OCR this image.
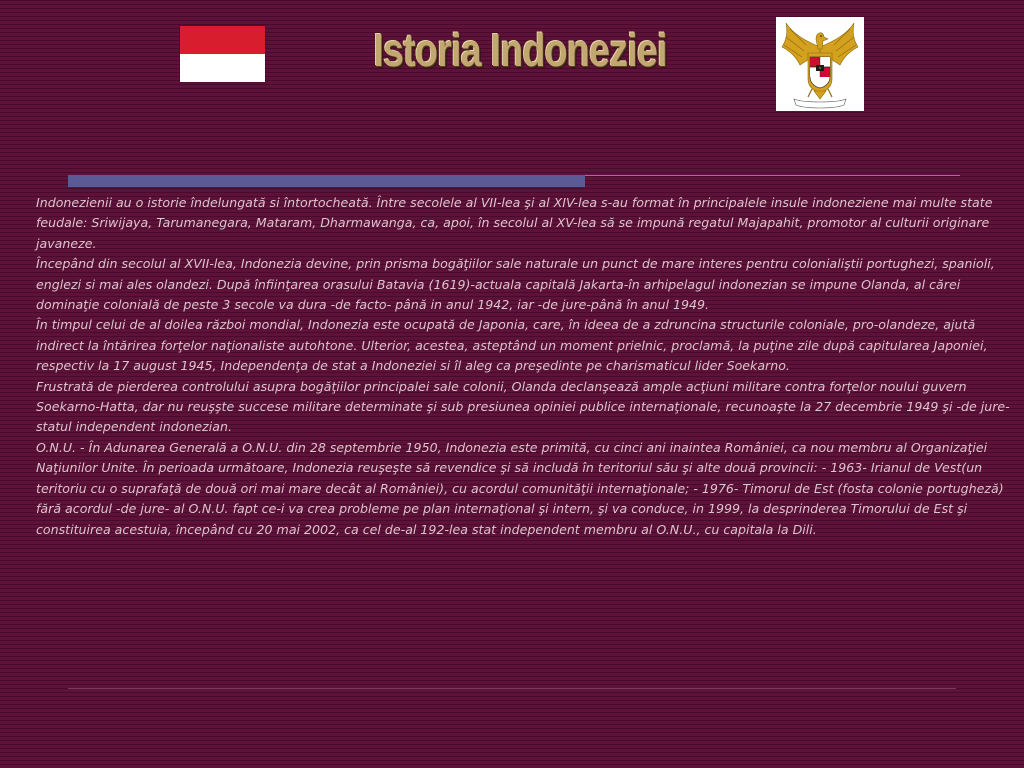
Istoria Indoneziei

Indonezienii au o istorie îndelungată si întortocheată. Între secolele al VII-lea şi al XIV-lea s-au format în principalele insule indoneziene mai multe state feudale: Sriwijaya, Tarumanegara, Mataram, Dharmawanga, ca, apoi, în secolul al XV-lea să se impună regatul Majapahit, promotor al culturii originare javaneze.

Începând din secolul al XVII-lea, Indonezia devine, prin prisma bogăţiilor sale naturale un punct de mare interes pentru colonialiştii portughezi, spanioli, englezi si mai ales olandezi. După înfiinţarea orasului Batavia (1619)-actuala capitală Jakarta-în arhipelagul indonezian se impune Olanda, al cărei dominaţie colonială de peste 3 secole va dura -de facto- până in anul 1942, iar -de jure-până în anul 1949.

În timpul celui de al doilea război mondial, Indonezia este ocupată de Japonia, care, în ideea de a zdruncina structurile coloniale, pro-olandeze, ajută indirect la întărirea forţelor naţionaliste autohtone. Ulterior, acestea, asteptând un moment prielnic, proclamă, la puţine zile după capitularea Japoniei, respectiv la 17 august 1945, Independenţa de stat a Indoneziei si îl aleg ca preşedinte pe charismaticul lider Soekarno.

Frustrată de pierderea controlului asupra bogăţiilor principalei sale colonii, Olanda declanşează ample acţiuni militare contra forţelor noului guvern Soekarno-Hatta, dar nu reuşşte succese militare determinate şi sub presiunea opiniei publice internaţionale, recunoaşte la 27 decembrie 1949 şi -de jure- statul independent indonezian.

O.N.U. - În Adunarea Generală a O.N.U. din 28 septembrie 1950, Indonezia este primită, cu cinci ani inaintea României, ca nou membru al Organizaţiei Naţiunilor Unite. În perioada următoare, Indonezia reuşeşte să revendice şi să includă în teritoriul său şi alte două provincii: - 1963- Irianul de Vest(un teritoriu cu o suprafaţă de două ori mai mare decât al României), cu acordul comunităţii internaţionale; - 1976- Timorul de Est (fosta colonie portugheză) fără acordul -de jure- al O.N.U. fapt ce-i va crea probleme pe plan internaţional şi intern, şi va conduce, in 1999, la desprinderea Timorului de Est şi constituirea acestuia, începând cu 20 mai 2002, ca cel de-al 192-lea stat independent membru al O.N.U., cu capitala la Dili.
